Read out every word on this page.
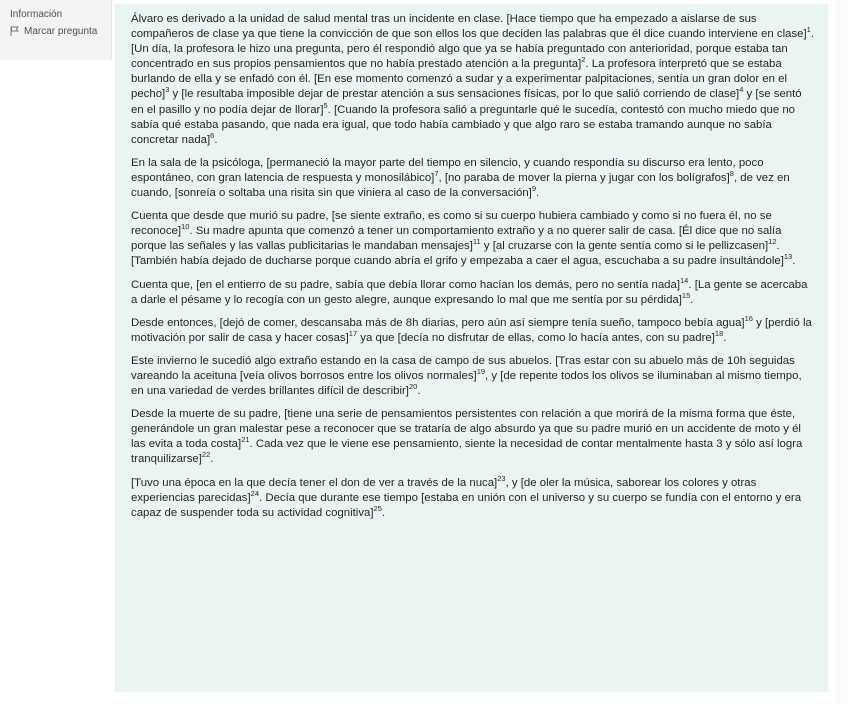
Información
Marcar pregunta

Álvaro es derivado a la unidad de salud mental tras un incidente en clase. [Hace tiempo que ha empezado a aislarse de sus compañeros de clase ya que tiene la convicción de que son ellos los que deciden las palabras que él dice cuando interviene en clase]$^1$. [Un día, la profesora le hizo una pregunta, pero él respondió algo que ya se había preguntado con anterioridad, porque estaba tan concentrado en sus propios pensamientos que no había prestado atención a la pregunta]$^2$. La profesora interpretó que se estaba burlando de ella y se enfadó con él. [En ese momento comenzó a sudar y a experimentar palpitaciones, sentía un gran dolor en el pecho]$^3$ y [le resultaba imposible dejar de prestar atención a sus sensaciones físicas, por lo que salió corriendo de clase]$^4$ y [se sentó en el pasillo y no podía dejar de llorar]$^5$. [Cuando la profesora salió a preguntarle qué le sucedía, contestó con mucho miedo que no sabía qué estaba pasando, que nada era igual, que todo había cambiado y que algo raro se estaba tramando aunque no sabía concretar nada]$^6$.

En la sala de la psicóloga, [permaneció la mayor parte del tiempo en silencio, y cuando respondía su discurso era lento, poco espontáneo, con gran latencia de respuesta y monosilábico]$^7$, [no paraba de mover la pierna y jugar con los bolígrafos]$^8$, de vez en cuando, [sonreía o soltaba una risita sin que viniera al caso de la conversación]$^9$.

Cuenta que desde que murió su padre, [se siente extraño, es como si su cuerpo hubiera cambiado y como si no fuera él, no se reconoce]$^{10}$. Su madre apunta que comenzó a tener un comportamiento extraño y a no querer salir de casa. [Él dice que no salía porque las señales y las vallas publicitarias le mandaban mensajes]$^{11}$ y [al cruzarse con la gente sentía como si le pellizcasen]$^{12}$. [También había dejado de ducharse porque cuando abría el grifo y empezaba a caer el agua, escuchaba a su padre insultándole]$^{13}$.

Cuenta que, [en el entierro de su padre, sabía que debía llorar como hacían los demás, pero no sentía nada]$^{14}$. [La gente se acercaba a darle el pésame y lo recogía con un gesto alegre, aunque expresando lo mal que me sentía por su pérdida]$^{15}$.

Desde entonces, [dejó de comer, descansaba más de 8h diarias, pero aún así siempre tenía sueño, tampoco bebía agua]$^{16}$ y [perdió la motivación por salir de casa y hacer cosas]$^{17}$ ya que [decía no disfrutar de ellas, como lo hacía antes, con su padre]$^{18}$.

Este invierno le sucedió algo extraño estando en la casa de campo de sus abuelos. [Tras estar con su abuelo más de 10h seguidas vareando la aceituna [veía olivos borrosos entre los olivos normales]$^{19}$, y [de repente todos los olivos se iluminaban al mismo tiempo, en una variedad de verdes brillantes difícil de describir]$^{20}$.

Desde la muerte de su padre, [tiene una serie de pensamientos persistentes con relación a que morirá de la misma forma que éste, generándole un gran malestar pese a reconocer que se trataría de algo absurdo ya que su padre murió en un accidente de moto y él las evita a toda costa]$^{21}$. Cada vez que le viene ese pensamiento, siente la necesidad de contar mentalmente hasta 3 y sólo así logra tranquilizarse]$^{22}$.

[Tuvo una época en la que decía tener el don de ver a través de la nuca]$^{23}$, y [de oler la música, saborear los colores y otras experiencias parecidas]$^{24}$. Decía que durante ese tiempo [estaba en unión con el universo y su cuerpo se fundía con el entorno y era capaz de suspender toda su actividad cognitiva]$^{25}$.
